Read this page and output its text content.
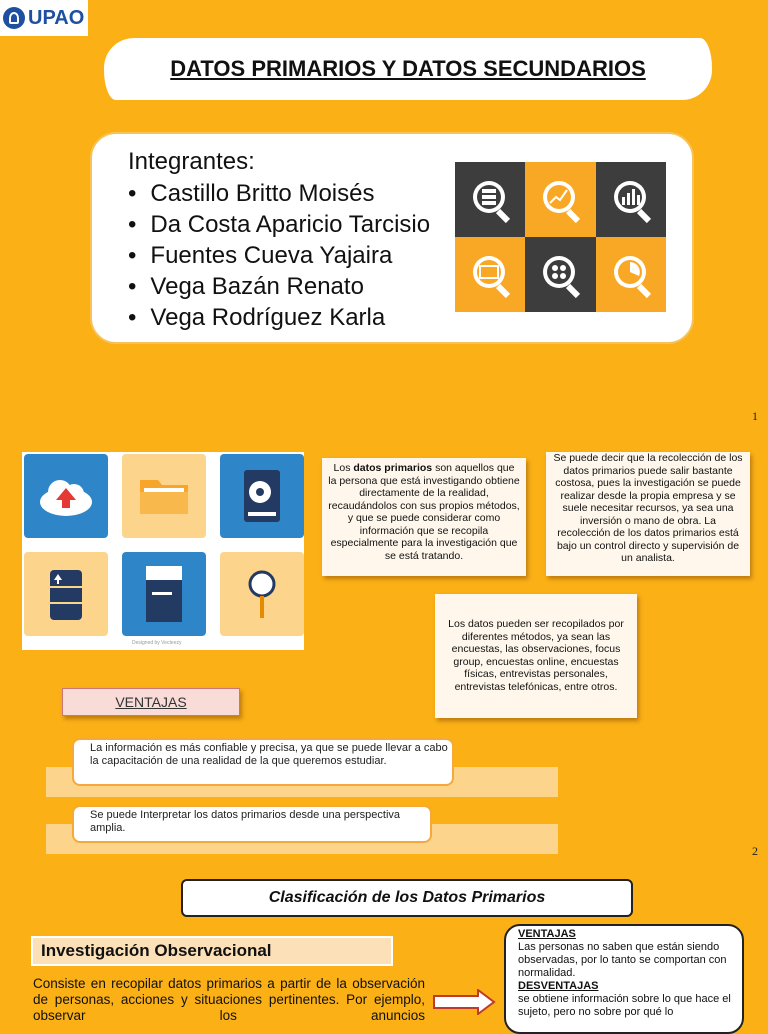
UPAO
DATOS PRIMARIOS Y DATOS SECUNDARIOS
Integrantes:
• Castillo Britto Moisés
• Da Costa Aparicio Tarcisio
• Fuentes Cueva Yajaira
• Vega Bazán Renato
• Vega Rodríguez Karla
1
Designed by Vecteezy
Los datos primarios son aquellos que la persona que está investigando obtiene directamente de la realidad, recaudándolos con sus propios métodos, y que se puede considerar como información que se recopila especialmente para la investigación que se está tratando.
Se puede decir que la recolección de los datos primarios puede salir bastante costosa, pues la investigación se puede realizar desde la propia empresa y se suele necesitar recursos, ya sea una inversión o mano de obra. La recolección de los datos primarios está bajo un control directo y supervisión de un analista.
Los datos pueden ser recopilados por diferentes métodos, ya sean las encuestas, las observaciones, focus group, encuestas online, encuestas físicas, entrevistas personales, entrevistas telefónicas, entre otros.
VENTAJAS
La información es más confiable y precisa, ya que se puede llevar a cabo la capacitación de una realidad de la que queremos estudiar.
Se puede Interpretar los datos primarios desde una perspectiva amplia.
2
Clasificación de los Datos Primarios
Investigación Observacional
Consiste en recopilar datos primarios a partir de la observación de personas, acciones y situaciones pertinentes. Por ejemplo, observar los anuncios
VENTAJAS
Las personas no saben que están siendo observadas, por lo tanto se comportan con normalidad.
DESVENTAJAS
se obtiene información sobre lo que hace el sujeto, pero no sobre por qué lo
